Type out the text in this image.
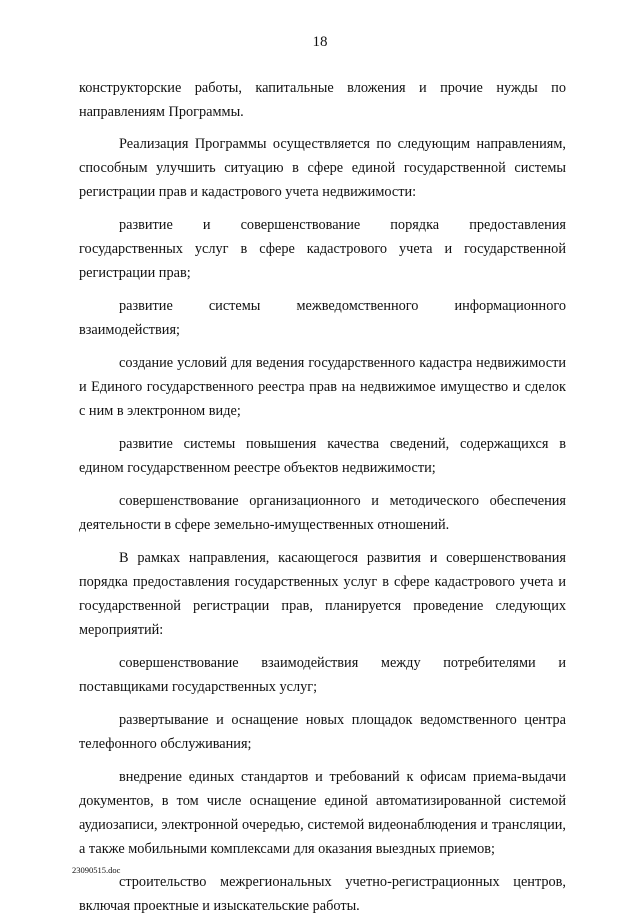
18

конструкторские работы, капитальные вложения и прочие нужды по направлениям Программы.

Реализация Программы осуществляется по следующим направлениям, способным улучшить ситуацию в сфере единой государственной системы регистрации прав и кадастрового учета недвижимости:

развитие и совершенствование порядка предоставления государственных услуг в сфере кадастрового учета и государственной регистрации прав;

развитие системы межведомственного информационного взаимодействия;

создание условий для ведения государственного кадастра недвижимости и Единого государственного реестра прав на недвижимое имущество и сделок с ним в электронном виде;

развитие системы повышения качества сведений, содержащихся в едином государственном реестре объектов недвижимости;

совершенствование организационного и методического обеспечения деятельности в сфере земельно-имущественных отношений.

В рамках направления, касающегося развития и совершенствования порядка предоставления государственных услуг в сфере кадастрового учета и государственной регистрации прав, планируется проведение следующих мероприятий:

совершенствование взаимодействия между потребителями и поставщиками государственных услуг;

развертывание и оснащение новых площадок ведомственного центра телефонного обслуживания;

внедрение единых стандартов и требований к офисам приема-выдачи документов, в том числе оснащение единой автоматизированной системой аудиозаписи, электронной очередью, системой видеонаблюдения и трансляции, а также мобильными комплексами для оказания выездных приемов;

строительство межрегиональных учетно-регистрационных центров, включая проектные и изыскательские работы.

23090515.doc
